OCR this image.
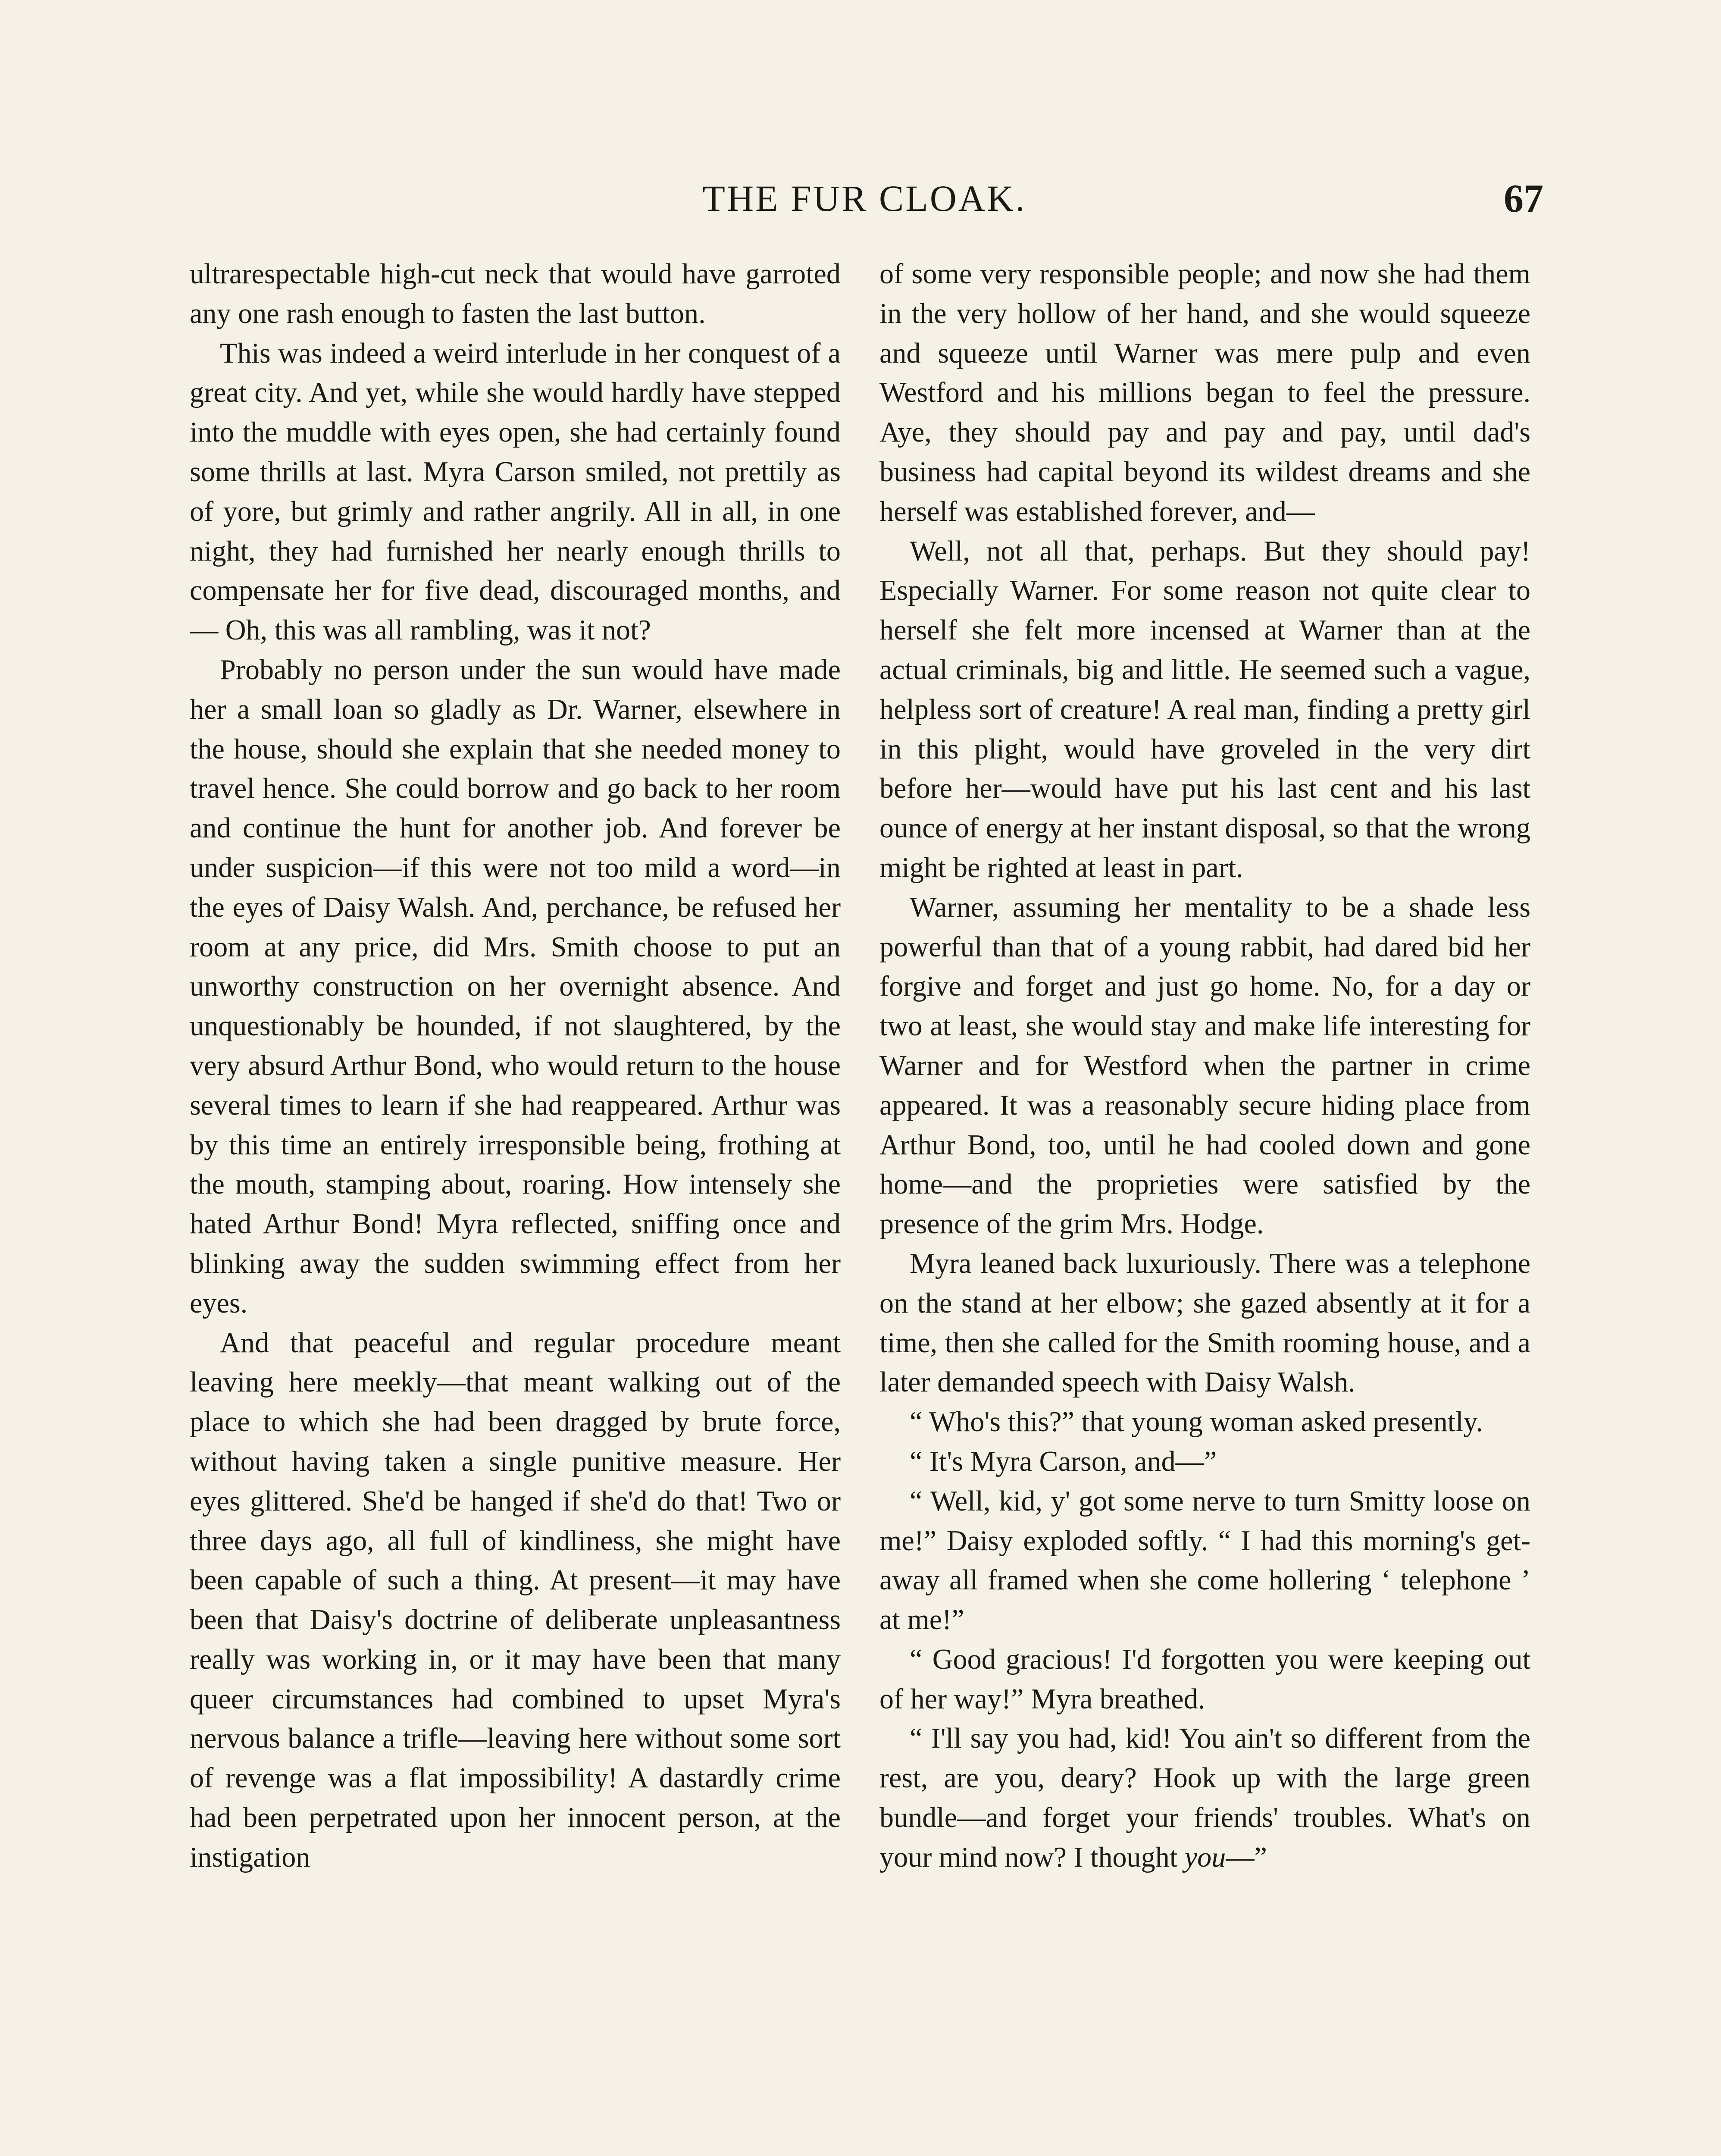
THE FUR CLOAK.	67

ultrarespectable high-cut neck that would have garroted any one rash enough to fasten the last button.

This was indeed a weird interlude in her conquest of a great city. And yet, while she would hardly have stepped into the muddle with eyes open, she had certainly found some thrills at last. Myra Carson smiled, not prettily as of yore, but grimly and rather angrily. All in all, in one night, they had furnished her nearly enough thrills to compensate her for five dead, discouraged months, and— Oh, this was all rambling, was it not?

Probably no person under the sun would have made her a small loan so gladly as Dr. Warner, elsewhere in the house, should she explain that she needed money to travel hence. She could borrow and go back to her room and continue the hunt for another job. And forever be under suspicion—if this were not too mild a word—in the eyes of Daisy Walsh. And, perchance, be refused her room at any price, did Mrs. Smith choose to put an unworthy construction on her overnight absence. And unquestionably be hounded, if not slaughtered, by the very absurd Arthur Bond, who would return to the house several times to learn if she had reappeared. Arthur was by this time an entirely irresponsible being, frothing at the mouth, stamping about, roaring. How intensely she hated Arthur Bond! Myra reflected, sniffing once and blinking away the sudden swimming effect from her eyes.

And that peaceful and regular procedure meant leaving here meekly—that meant walking out of the place to which she had been dragged by brute force, without having taken a single punitive measure. Her eyes glittered. She'd be hanged if she'd do that! Two or three days ago, all full of kindliness, she might have been capable of such a thing. At present—it may have been that Daisy's doctrine of deliberate unpleasantness really was working in, or it may have been that many queer circumstances had combined to upset Myra's nervous balance a trifle—leaving here without some sort of revenge was a flat impossibility! A dastardly crime had been perpetrated upon her innocent person, at the instigation

of some very responsible people; and now she had them in the very hollow of her hand, and she would squeeze and squeeze until Warner was mere pulp and even Westford and his millions began to feel the pressure. Aye, they should pay and pay and pay, until dad's business had capital beyond its wildest dreams and she herself was established forever, and—

Well, not all that, perhaps. But they should pay! Especially Warner. For some reason not quite clear to herself she felt more incensed at Warner than at the actual criminals, big and little. He seemed such a vague, helpless sort of creature! A real man, finding a pretty girl in this plight, would have groveled in the very dirt before her—would have put his last cent and his last ounce of energy at her instant disposal, so that the wrong might be righted at least in part.

Warner, assuming her mentality to be a shade less powerful than that of a young rabbit, had dared bid her forgive and forget and just go home. No, for a day or two at least, she would stay and make life interesting for Warner and for Westford when the partner in crime appeared. It was a reasonably secure hiding place from Arthur Bond, too, until he had cooled down and gone home—and the proprieties were satisfied by the presence of the grim Mrs. Hodge.

Myra leaned back luxuriously. There was a telephone on the stand at her elbow; she gazed absently at it for a time, then she called for the Smith rooming house, and a later demanded speech with Daisy Walsh.

“ Who's this?” that young woman asked presently.

“ It's Myra Carson, and—”

“ Well, kid, y' got some nerve to turn Smitty loose on me!” Daisy exploded softly. “ I had this morning's get-away all framed when she come hollering ‘ telephone ’ at me!”

“ Good gracious! I'd forgotten you were keeping out of her way!” Myra breathed.

“ I'll say you had, kid! You ain't so different from the rest, are you, deary? Hook up with the large green bundle—and forget your friends' troubles. What's on your mind now? I thought you—”
